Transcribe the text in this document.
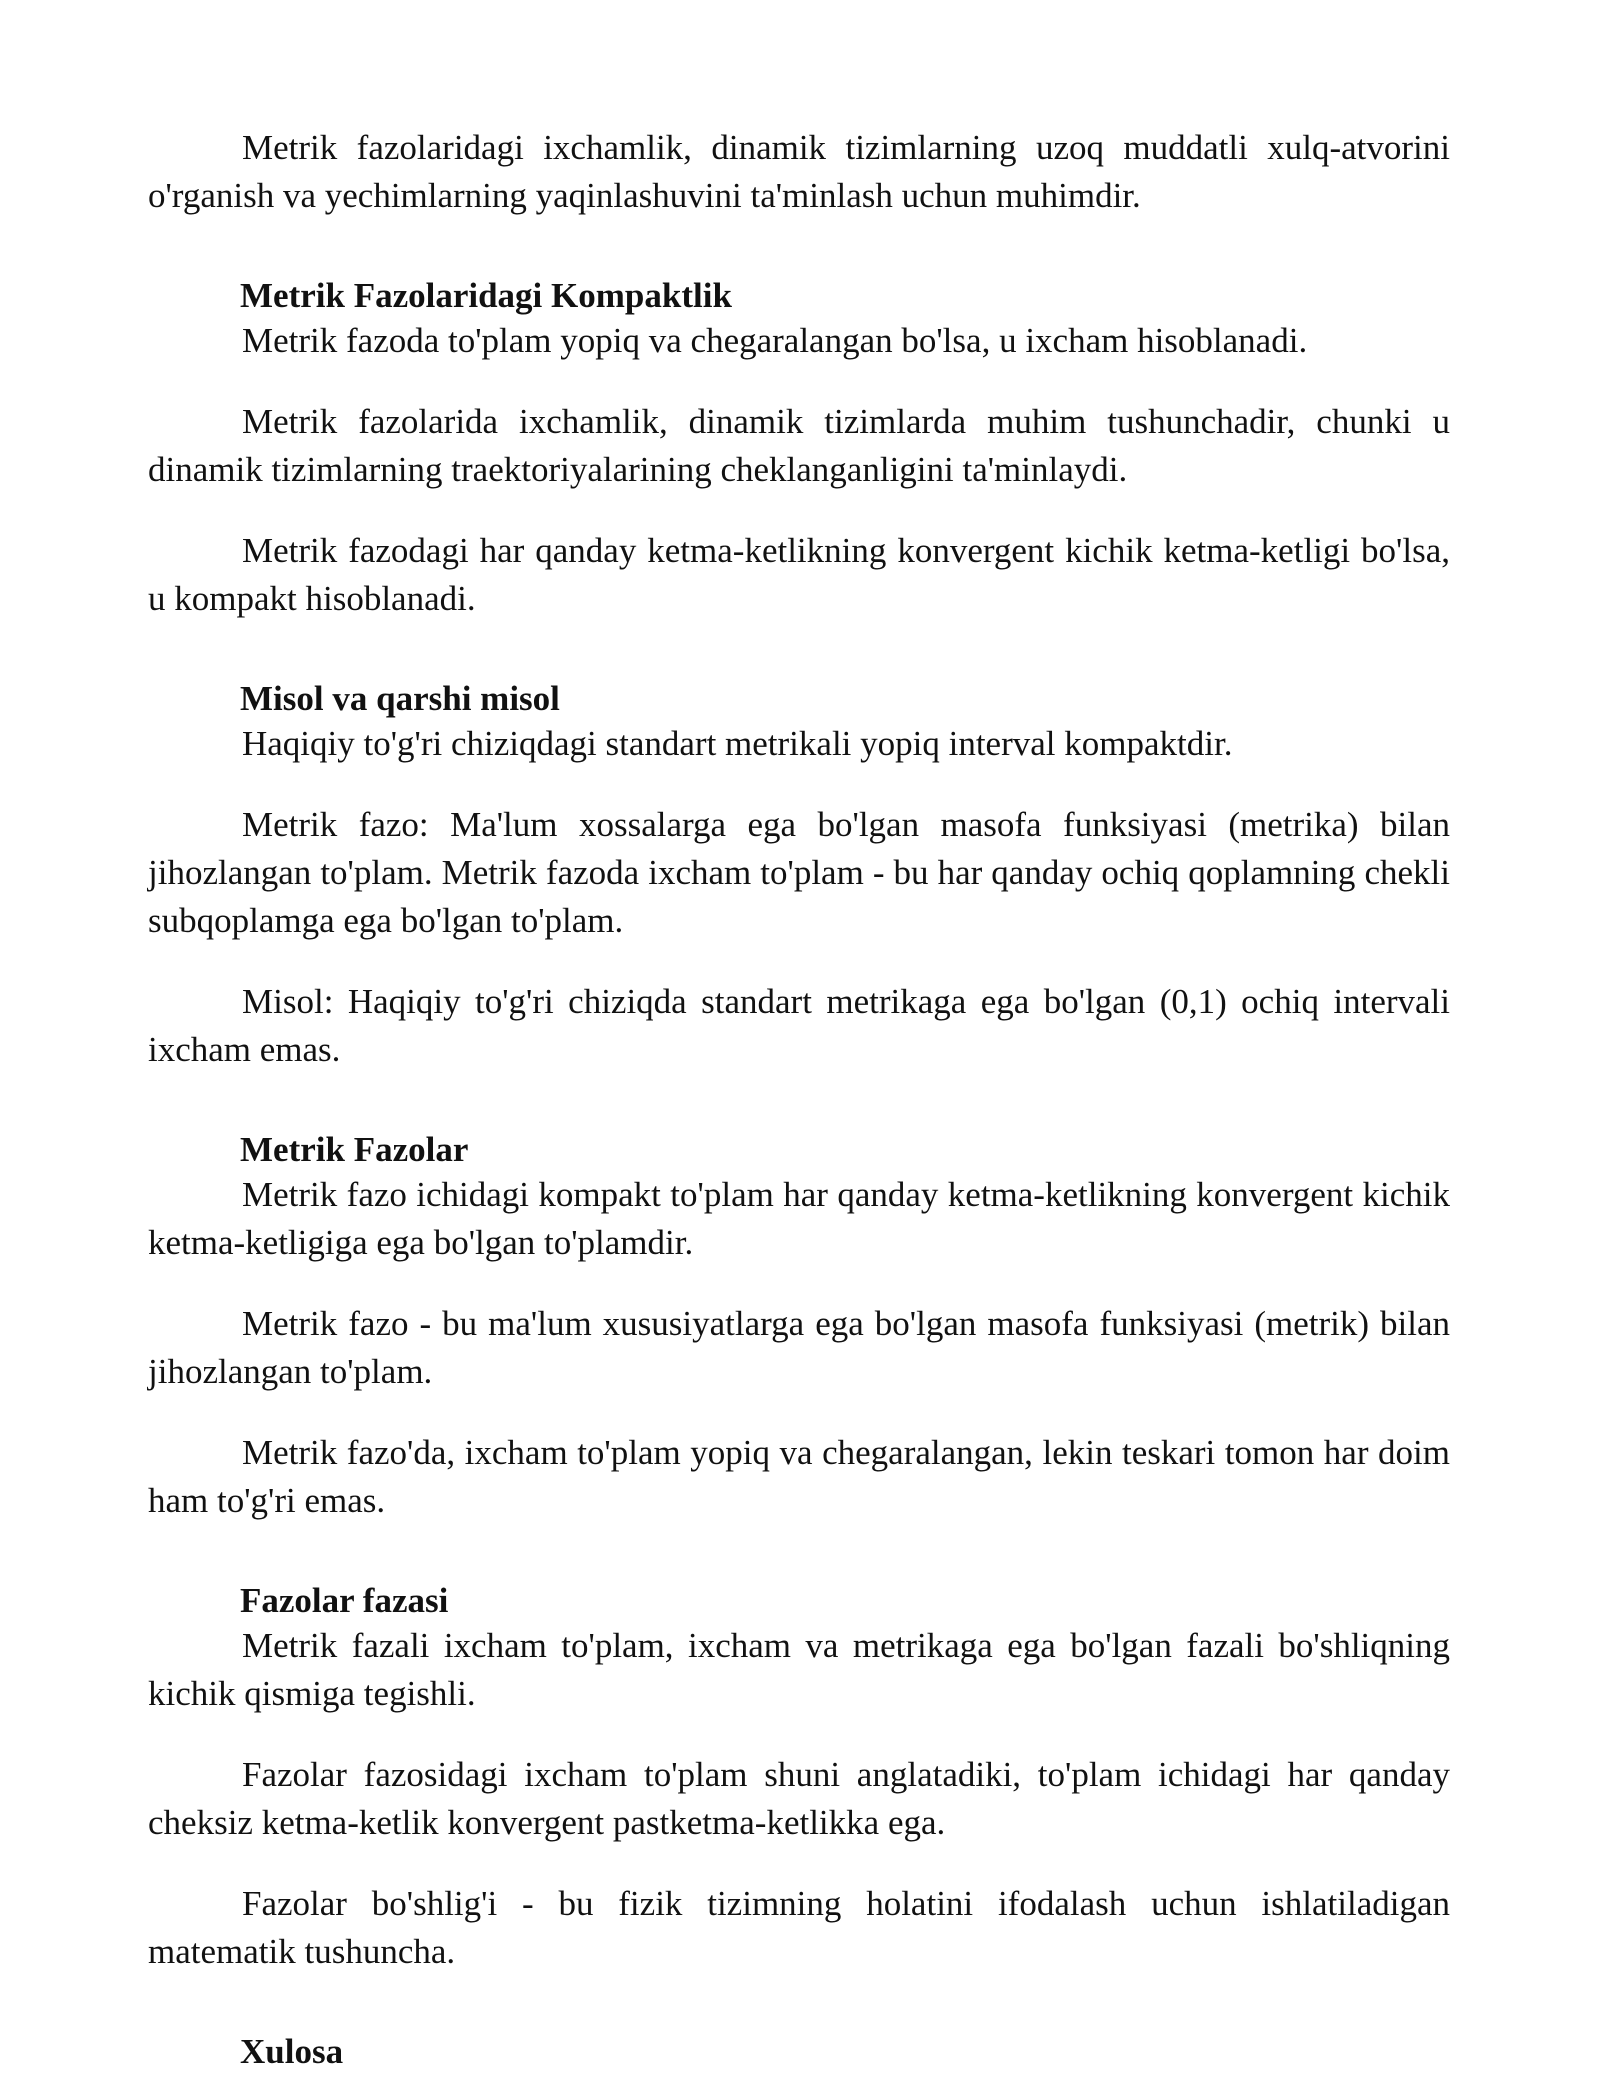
Metrik fazolaridagi ixchamlik, dinamik tizimlarning uzoq muddatli xulq-atvorini o'rganish va yechimlarning yaqinlashuvini ta'minlash uchun muhimdir.

Metrik Fazolaridagi Kompaktlik

Metrik fazoda to'plam yopiq va chegaralangan bo'lsa, u ixcham hisoblanadi.

Metrik fazolarida ixchamlik, dinamik tizimlarda muhim tushunchadir, chunki u dinamik tizimlarning traektoriyalarining cheklanganligini ta'minlaydi.

Metrik fazodagi har qanday ketma-ketlikning konvergent kichik ketma-ketligi bo'lsa, u kompakt hisoblanadi.

Misol va qarshi misol

Haqiqiy to'g'ri chiziqdagi standart metrikali yopiq interval kompaktdir.

Metrik fazo: Ma'lum xossalarga ega bo'lgan masofa funksiyasi (metrika) bilan jihozlangan to'plam. Metrik fazoda ixcham to'plam - bu har qanday ochiq qoplamning chekli subqoplamga ega bo'lgan to'plam.

Misol: Haqiqiy to'g'ri chiziqda standart metrikaga ega bo'lgan (0,1) ochiq intervali ixcham emas.

Metrik Fazolar

Metrik fazo ichidagi kompakt to'plam har qanday ketma-ketlikning konvergent kichik ketma-ketligiga ega bo'lgan to'plamdir.

Metrik fazo - bu ma'lum xususiyatlarga ega bo'lgan masofa funksiyasi (metrik) bilan jihozlangan to'plam.

Metrik fazo'da, ixcham to'plam yopiq va chegaralangan, lekin teskari tomon har doim ham to'g'ri emas.

Fazolar fazasi

Metrik fazali ixcham to'plam, ixcham va metrikaga ega bo'lgan fazali bo'shliqning kichik qismiga tegishli.

Fazolar fazosidagi ixcham to'plam shuni anglatadiki, to'plam ichidagi har qanday cheksiz ketma-ketlik konvergent pastketma-ketlikka ega.

Fazolar bo'shlig'i - bu fizik tizimning holatini ifodalash uchun ishlatiladigan matematik tushuncha.

Xulosa
